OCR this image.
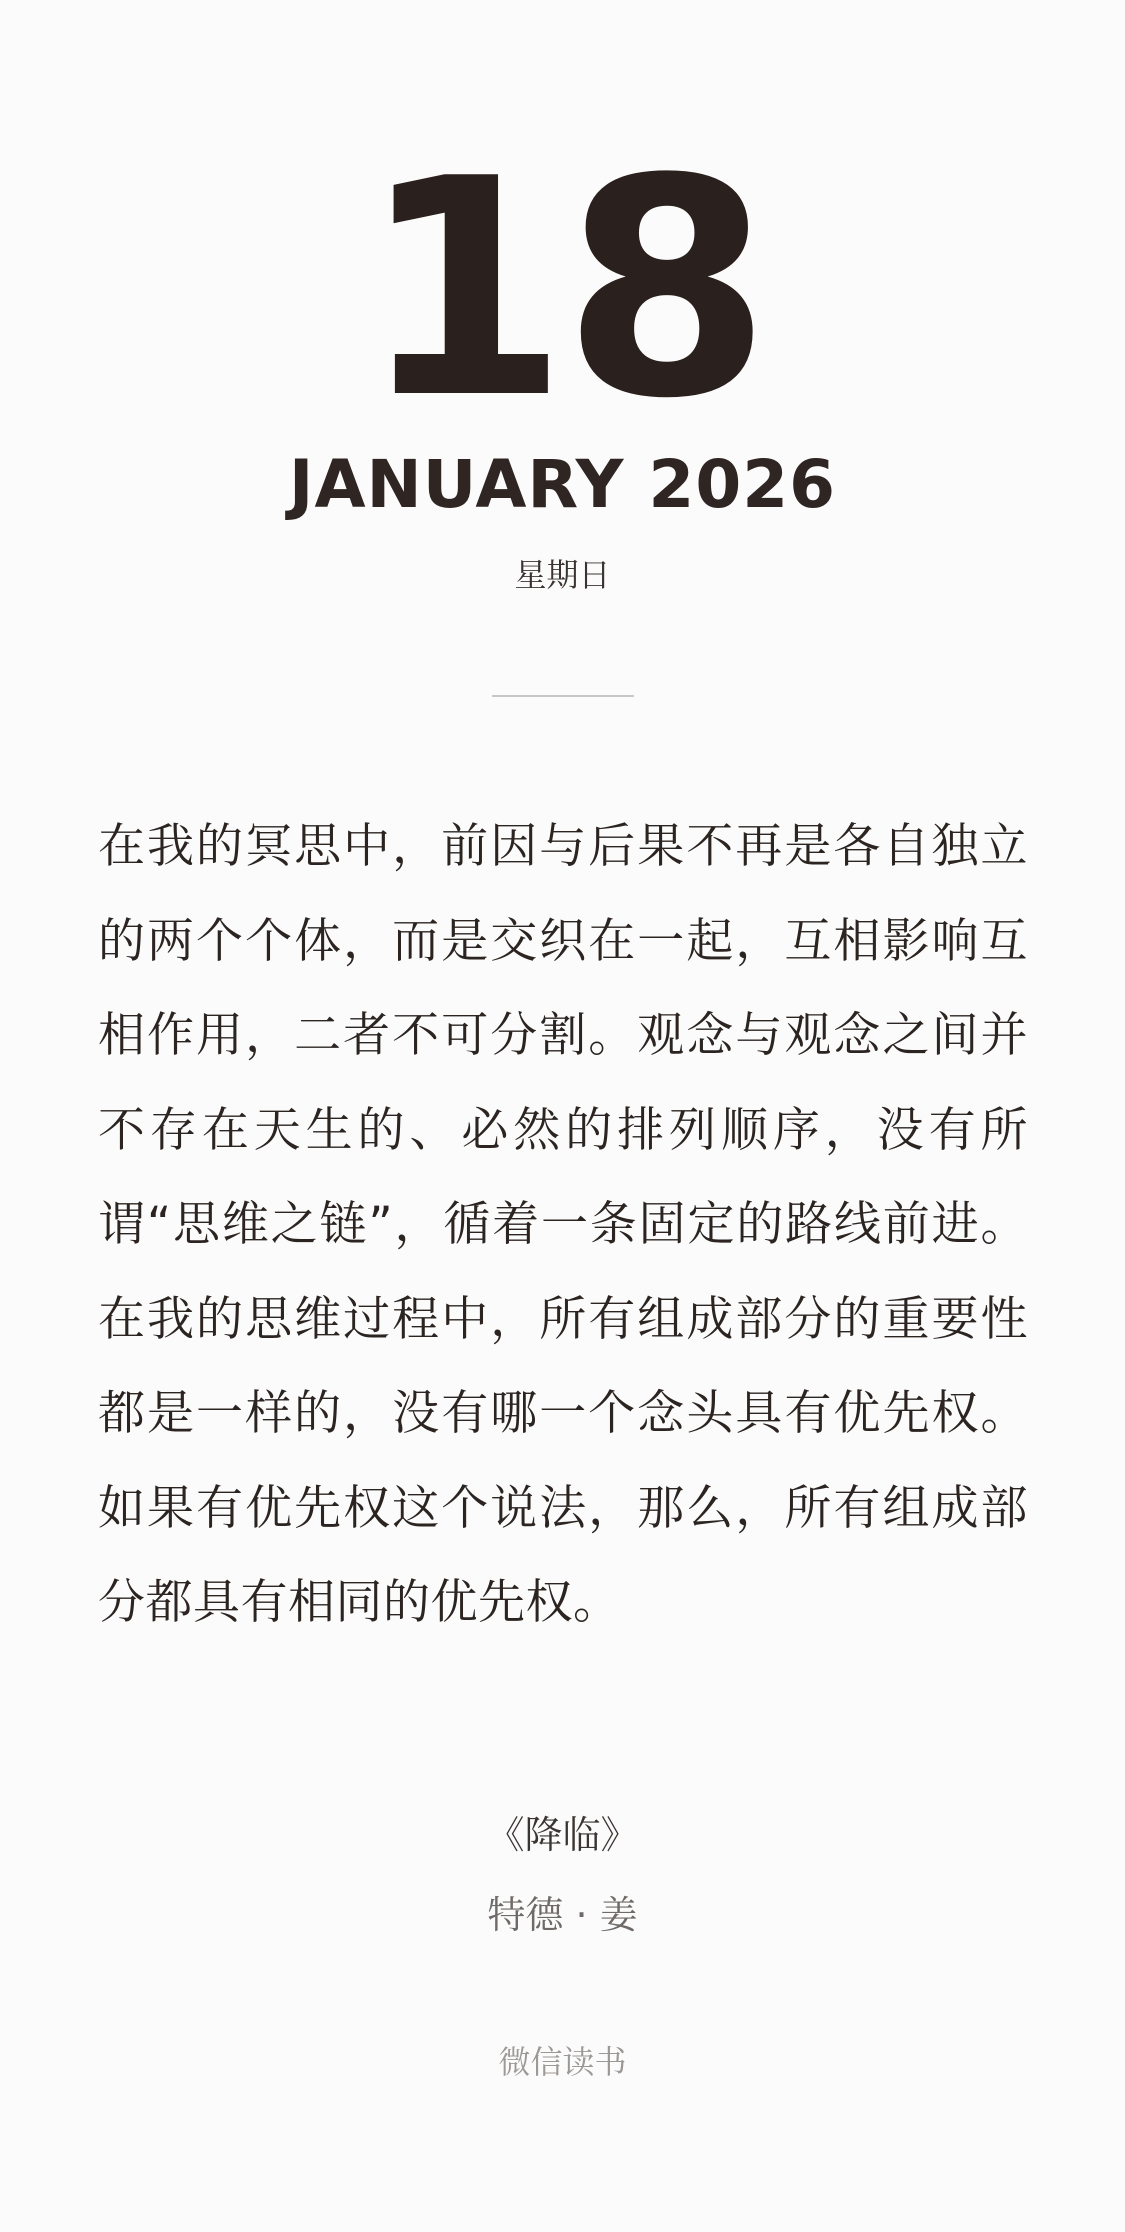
18
JANUARY 2026
星期日
在我的冥思中，前因与后果不再是各自独立的两个个体，而是交织在一起，互相影响互相作用，二者不可分割。观念与观念之间并不存在天生的、必然的排列顺序，没有所谓“思维之链”，循着一条固定的路线前进。在我的思维过程中，所有组成部分的重要性都是一样的，没有哪一个念头具有优先权。如果有优先权这个说法，那么，所有组成部分都具有相同的优先权。
《降临》
特德 · 姜
微信读书
